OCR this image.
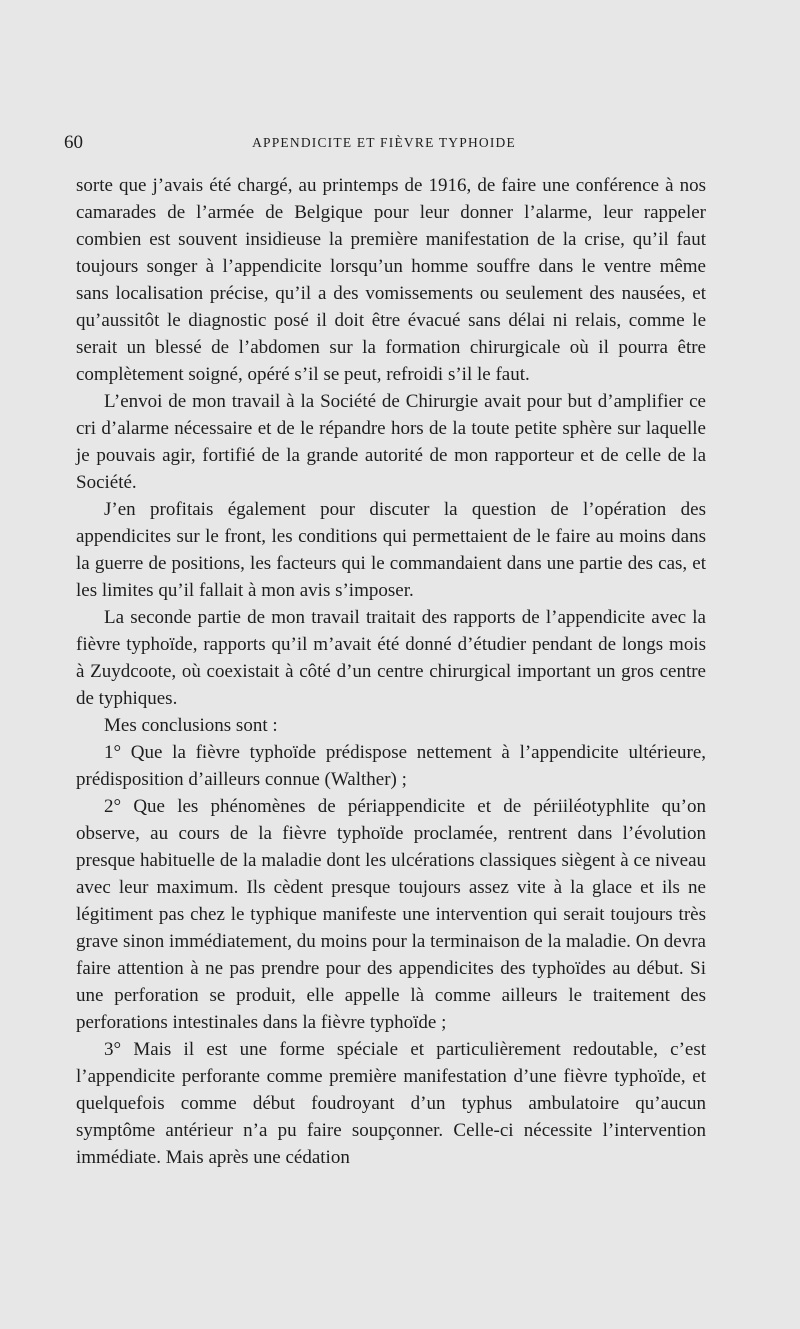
60	APPENDICITE ET FIÈVRE TYPHOIDE

sorte que j’avais été chargé, au printemps de 1916, de faire une conférence à nos camarades de l’armée de Belgique pour leur donner l’alarme, leur rappeler combien est souvent insidieuse la première manifestation de la crise, qu’il faut toujours songer à l’appendicite lorsqu’un homme souffre dans le ventre même sans localisation précise, qu’il a des vomissements ou seulement des nausées, et qu’aussitôt le diagnostic posé il doit être évacué sans délai ni relais, comme le serait un blessé de l’abdomen sur la formation chirurgicale où il pourra être complètement soigné, opéré s’il se peut, refroidi s’il le faut.

L’envoi de mon travail à la Société de Chirurgie avait pour but d’amplifier ce cri d’alarme nécessaire et de le répandre hors de la toute petite sphère sur laquelle je pouvais agir, fortifié de la grande autorité de mon rapporteur et de celle de la Société.

J’en profitais également pour discuter la question de l’opération des appendicites sur le front, les conditions qui permettaient de le faire au moins dans la guerre de positions, les facteurs qui le commandaient dans une partie des cas, et les limites qu’il fallait à mon avis s’imposer.

La seconde partie de mon travail traitait des rapports de l’appendicite avec la fièvre typhoïde, rapports qu’il m’avait été donné d’étudier pendant de longs mois à Zuydcoote, où coexistait à côté d’un centre chirurgical important un gros centre de typhiques.

Mes conclusions sont :

1° Que la fièvre typhoïde prédispose nettement à l’appendicite ultérieure, prédisposition d’ailleurs connue (Walther) ;

2° Que les phénomènes de périappendicite et de périiléotyphlite qu’on observe, au cours de la fièvre typhoïde proclamée, rentrent dans l’évolution presque habituelle de la maladie dont les ulcérations classiques siègent à ce niveau avec leur maximum. Ils cèdent presque toujours assez vite à la glace et ils ne légitiment pas chez le typhique manifeste une intervention qui serait toujours très grave sinon immédiatement, du moins pour la terminaison de la maladie. On devra faire attention à ne pas prendre pour des appendicites des typhoïdes au début. Si une perforation se produit, elle appelle là comme ailleurs le traitement des perforations intestinales dans la fièvre typhoïde ;

3° Mais il est une forme spéciale et particulièrement redoutable, c’est l’appendicite perforante comme première manifestation d’une fièvre typhoïde, et quelquefois comme début foudroyant d’un typhus ambulatoire qu’aucun symptôme antérieur n’a pu faire soupçonner. Celle-ci nécessite l’intervention immédiate. Mais après une cédation
